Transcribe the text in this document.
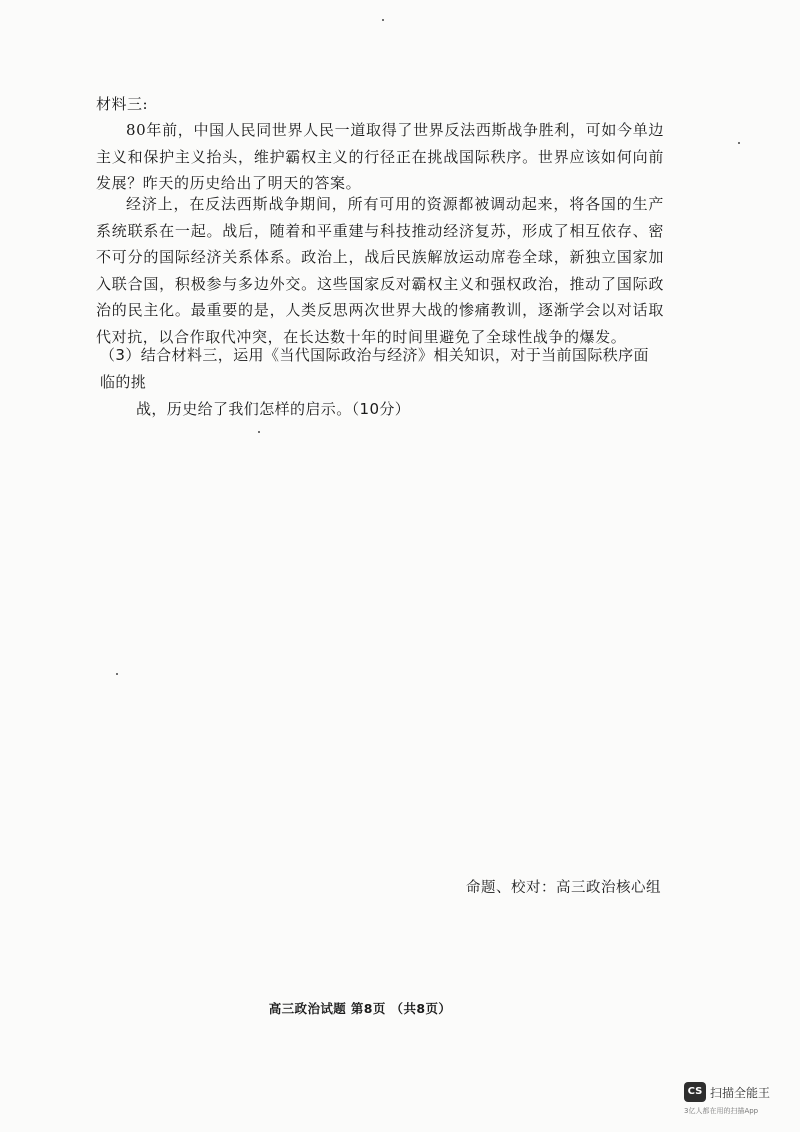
材料三:
80年前，中国人民同世界人民一道取得了世界反法西斯战争胜利，可如今单边主义和保护主义抬头，维护霸权主义的行径正在挑战国际秩序。世界应该如何向前发展？昨天的历史给出了明天的答案。
经济上，在反法西斯战争期间，所有可用的资源都被调动起来，将各国的生产系统联系在一起。战后，随着和平重建与科技推动经济复苏，形成了相互依存、密不可分的国际经济关系体系。政治上，战后民族解放运动席卷全球，新独立国家加入联合国，积极参与多边外交。这些国家反对霸权主义和强权政治，推动了国际政治的民主化。最重要的是，人类反思两次世界大战的惨痛教训，逐渐学会以对话取代对抗，以合作取代冲突，在长达数十年的时间里避免了全球性战争的爆发。
（3）结合材料三，运用《当代国际政治与经济》相关知识，对于当前国际秩序面临的挑
战，历史给了我们怎样的启示。（10分）
命题、校对：高三政治核心组
高三政治试题 第8页 （共8页）
CS 扫描全能王
3亿人都在用的扫描App
